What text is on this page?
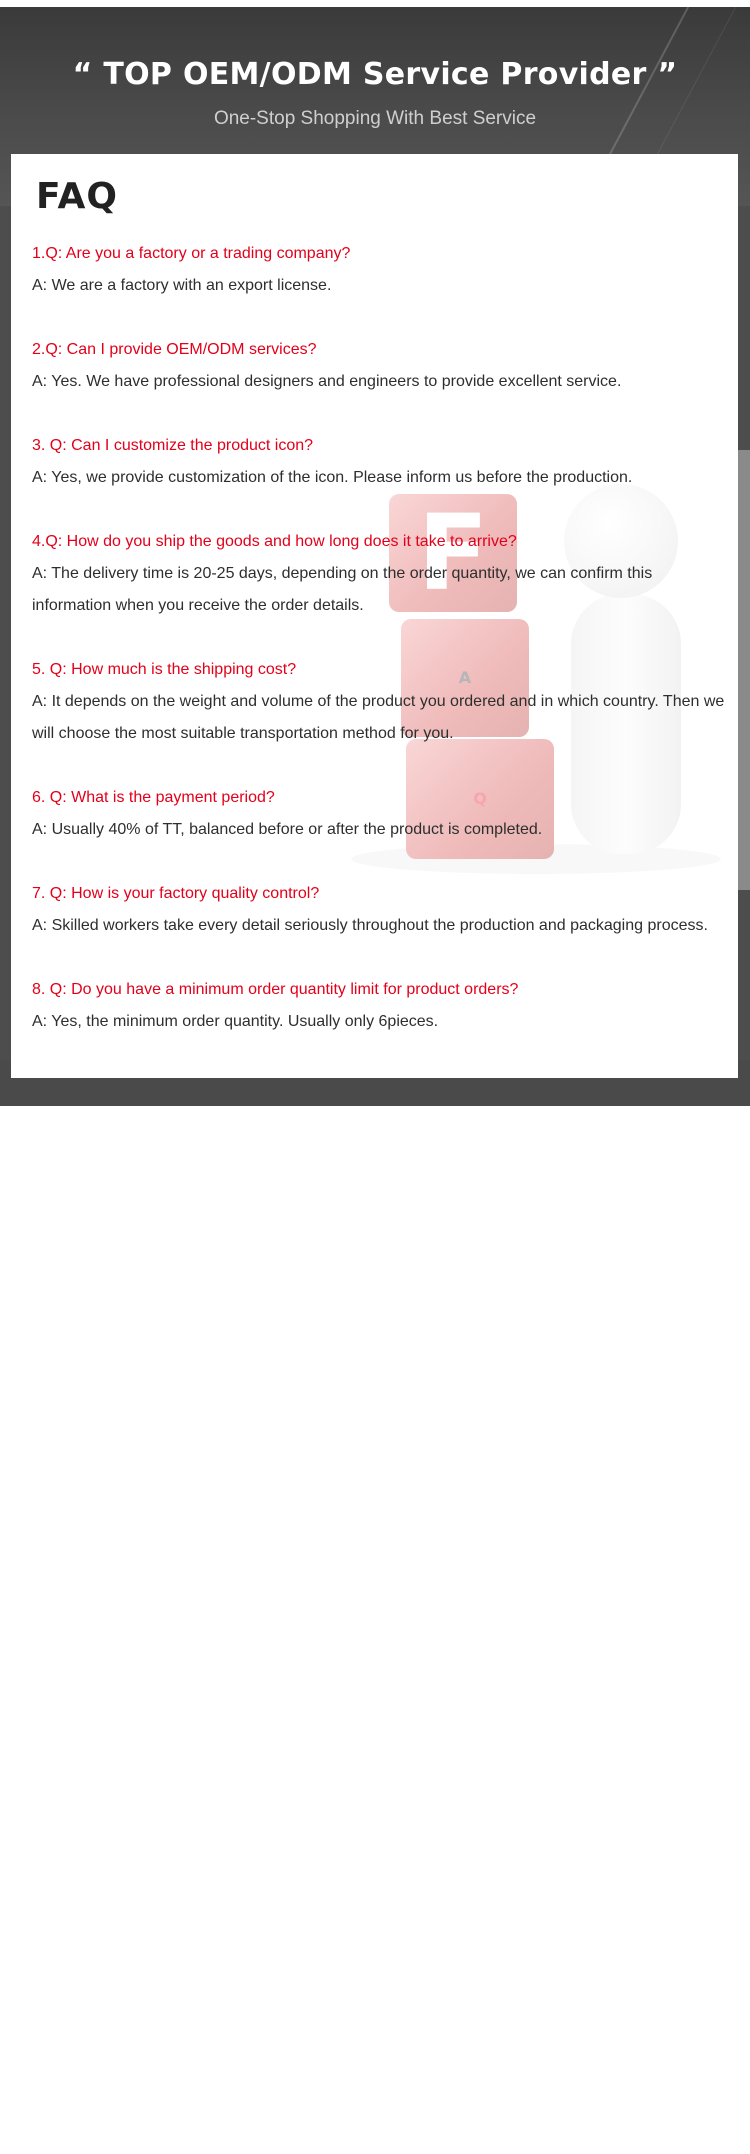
“ TOP OEM/ODM Service Provider ”
One-Stop Shopping With Best Service
shop287619w827400.1688.com
Q
A
F
FAQ
1.Q: Are you a factory or a trading company?
A: We are a factory with an export license.
2.Q: Can I provide OEM/ODM services?
A: Yes. We have professional designers and engineers to provide excellent service.
3. Q: Can I customize the product icon?
A: Yes, we provide customization of the icon. Please inform us before the production.
4.Q: How do you ship the goods and how long does it take to arrive?
A: The delivery time is 20-25 days, depending on the order quantity, we can confirm this information when you receive the order details.
5. Q: How much is the shipping cost?
A: It depends on the weight and volume of the product you ordered and in which country. Then we will choose the most suitable transportation method for you.
6. Q: What is the payment period?
A: Usually 40% of TT, balanced before or after the product is completed.
7. Q: How is your factory quality control?
A: Skilled workers take every detail seriously throughout the production and packaging process.
8. Q: Do you have a minimum order quantity limit for product orders?
A: Yes, the minimum order quantity. Usually only 6pieces.
